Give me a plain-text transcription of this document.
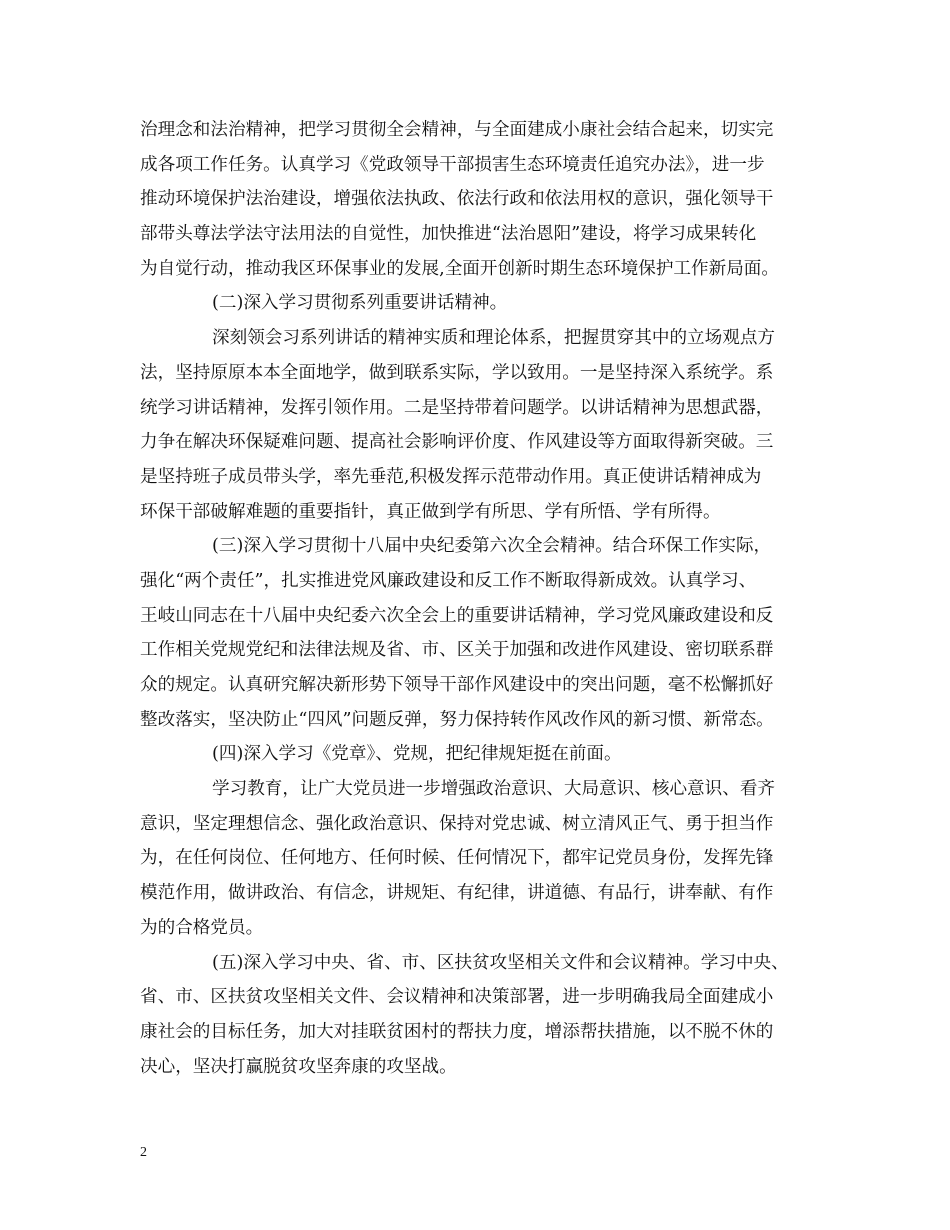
治理念和法治精神，把学习贯彻全会精神，与全面建成小康社会结合起来，切实完
成各项工作任务。认真学习《党政领导干部损害生态环境责任追究办法》，进一步
推动环境保护法治建设，增强依法执政、依法行政和依法用权的意识，强化领导干
部带头尊法学法守法用法的自觉性，加快推进“法治恩阳”建设，将学习成果转化
为自觉行动，推动我区环保事业的发展,全面开创新时期生态环境保护工作新局面。
(二)深入学习贯彻系列重要讲话精神。
深刻领会习系列讲话的精神实质和理论体系，把握贯穿其中的立场观点方
法，坚持原原本本全面地学，做到联系实际，学以致用。一是坚持深入系统学。系
统学习讲话精神，发挥引领作用。二是坚持带着问题学。以讲话精神为思想武器，
力争在解决环保疑难问题、提高社会影响评价度、作风建设等方面取得新突破。三
是坚持班子成员带头学，率先垂范,积极发挥示范带动作用。真正使讲话精神成为
环保干部破解难题的重要指针，真正做到学有所思、学有所悟、学有所得。
(三)深入学习贯彻十八届中央纪委第六次全会精神。结合环保工作实际，
强化“两个责任”，扎实推进党风廉政建设和反工作不断取得新成效。认真学习、
王岐山同志在十八届中央纪委六次全会上的重要讲话精神，学习党风廉政建设和反
工作相关党规党纪和法律法规及省、市、区关于加强和改进作风建设、密切联系群
众的规定。认真研究解决新形势下领导干部作风建设中的突出问题，毫不松懈抓好
整改落实，坚决防止“四风”问题反弹，努力保持转作风改作风的新习惯、新常态。
(四)深入学习《党章》、党规，把纪律规矩挺在前面。
学习教育，让广大党员进一步增强政治意识、大局意识、核心意识、看齐
意识，坚定理想信念、强化政治意识、保持对党忠诚、树立清风正气、勇于担当作
为，在任何岗位、任何地方、任何时候、任何情况下，都牢记党员身份，发挥先锋
模范作用，做讲政治、有信念，讲规矩、有纪律，讲道德、有品行，讲奉献、有作
为的合格党员。
(五)深入学习中央、省、市、区扶贫攻坚相关文件和会议精神。学习中央、
省、市、区扶贫攻坚相关文件、会议精神和决策部署，进一步明确我局全面建成小
康社会的目标任务，加大对挂联贫困村的帮扶力度，增添帮扶措施，以不脱不休的
决心，坚决打赢脱贫攻坚奔康的攻坚战。
2
